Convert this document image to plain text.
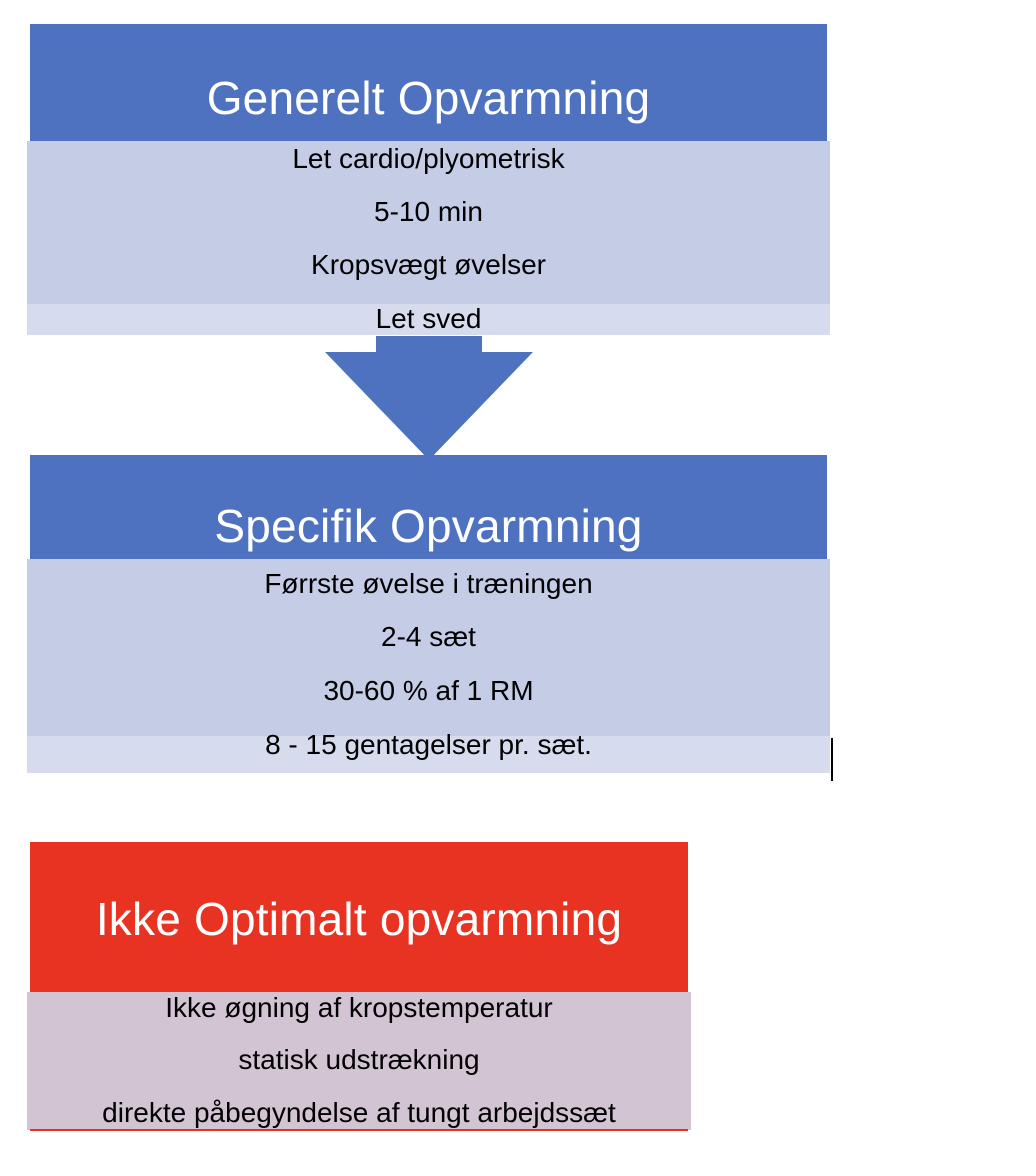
Generelt Opvarmning
Let cardio/plyometrisk
5-10 min
Kropsvægt øvelser
Let sved
Specifik Opvarmning
Førrste øvelse i træningen
2-4 sæt
30-60 % af 1 RM
8 - 15 gentagelser pr. sæt.
Ikke Optimalt opvarmning
Ikke øgning af kropstemperatur
statisk udstrækning
direkte påbegyndelse af tungt arbejdssæt
